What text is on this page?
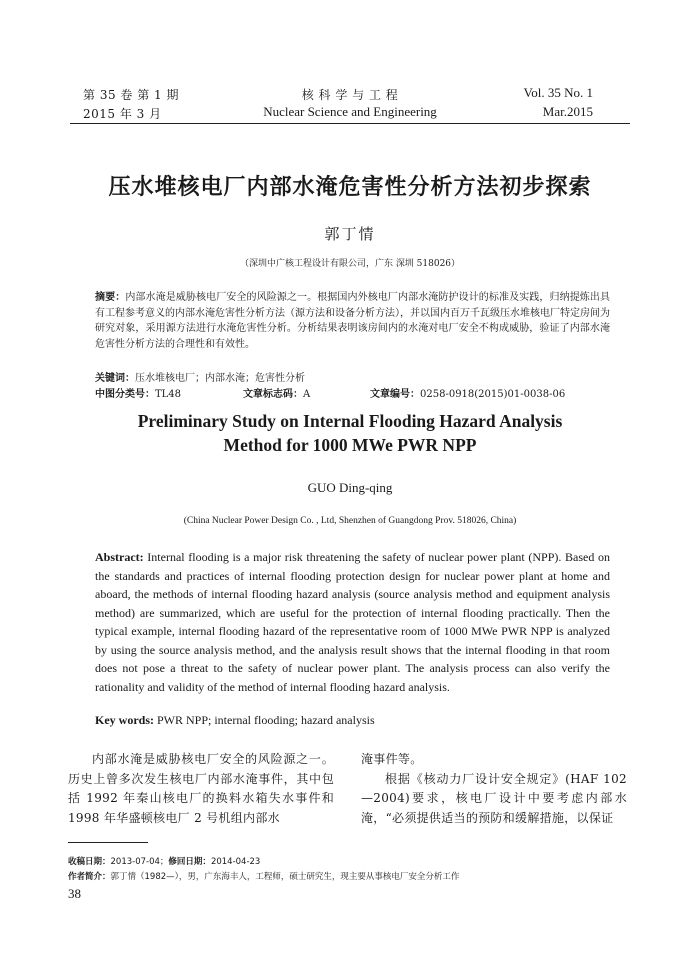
第 35 卷 第 1 期
2015 年 3 月
核 科 学 与 工 程
Nuclear Science and Engineering
Vol. 35 No. 1
Mar.2015
压水堆核电厂内部水淹危害性分析方法初步探索
郭丁情
（深圳中广核工程设计有限公司，广东 深圳 518026）
摘要：内部水淹是威胁核电厂安全的风险源之一。根据国内外核电厂内部水淹防护设计的标准及实践，归纳提炼出具有工程参考意义的内部水淹危害性分析方法（源方法和设备分析方法），并以国内百万千瓦级压水堆核电厂特定房间为研究对象，采用源方法进行水淹危害性分析。分析结果表明该房间内的水淹对电厂安全不构成威胁，验证了内部水淹危害性分析方法的合理性和有效性。
关键词：压水堆核电厂；内部水淹；危害性分析
中图分类号：TL48	文章标志码：A	文章编号：0258-0918(2015)01-0038-06
Preliminary Study on Internal Flooding Hazard Analysis
Method for 1000 MWe PWR NPP
GUO Ding-qing
(China Nuclear Power Design Co. , Ltd, Shenzhen of Guangdong Prov. 518026, China)
Abstract: Internal flooding is a major risk threatening the safety of nuclear power plant (NPP). Based on the standards and practices of internal flooding protection design for nuclear power plant at home and aboard, the methods of internal flooding hazard analysis (source analysis method and equipment analysis method) are summarized, which are useful for the protection of internal flooding practically. Then the typical example, internal flooding hazard of the representative room of 1000 MWe PWR NPP is analyzed by using the source analysis method, and the analysis result shows that the internal flooding in that room does not pose a threat to the safety of nuclear power plant. The analysis process can also verify the rationality and validity of the method of internal flooding hazard analysis.
Key words: PWR NPP; internal flooding; hazard analysis

内部水淹是威胁核电厂安全的风险源之一。历史上曾多次发生核电厂内部水淹事件，其中包括 1992 年秦山核电厂的换料水箱失水事件和 1998 年华盛顿核电厂 2 号机组内部水

淹事件等。

根据《核动力厂设计安全规定》(HAF 102—2004)要求，核电厂设计中要考虑内部水淹，“必须提供适当的预防和缓解措施，以保证

收稿日期：2013-07-04；修回日期：2014-04-23
作者简介：郭丁情（1982—），男，广东海丰人，工程师，硕士研究生，现主要从事核电厂安全分析工作
38
